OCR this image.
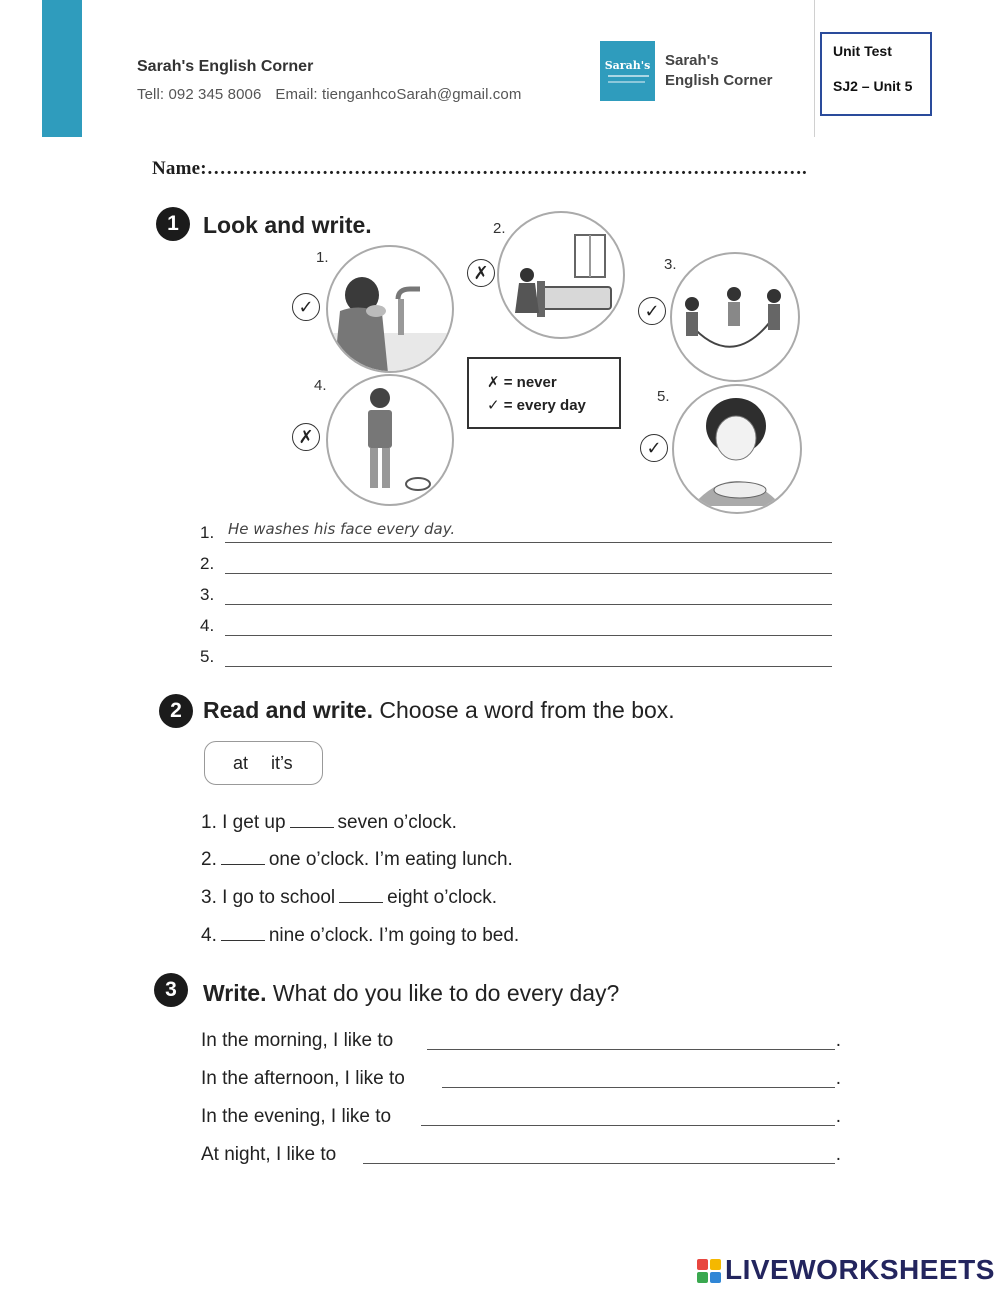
Sarah's English Corner
Tell: 092 345 8006 Email: tienganhcoSarah@gmail.com
Sarah's Sarah's
English Corner
Unit Test
SJ2 – Unit 5
Name:………………………………………………………………………………….
1	Look and write.
1.
✓
2.
✗	3.
✓
✗ = never
✓ = every day
4.
✗
5.
✓
1. He washes his face every day.
2.
3.
4.
5.
2 Read and write. Choose a word from the box.
at it’s
1. I get up	seven o’clock.
2.	one o’clock. I’m eating lunch.
3. I go to school	eight o’clock.
4.	nine o’clock. I’m going to bed.
3	Write. What do you like to do every day?
In the morning, I like to	.
In the afternoon, I like to	.
In the evening, I like to	.
At night, I like to	.
LIVEWORKSHEETS
